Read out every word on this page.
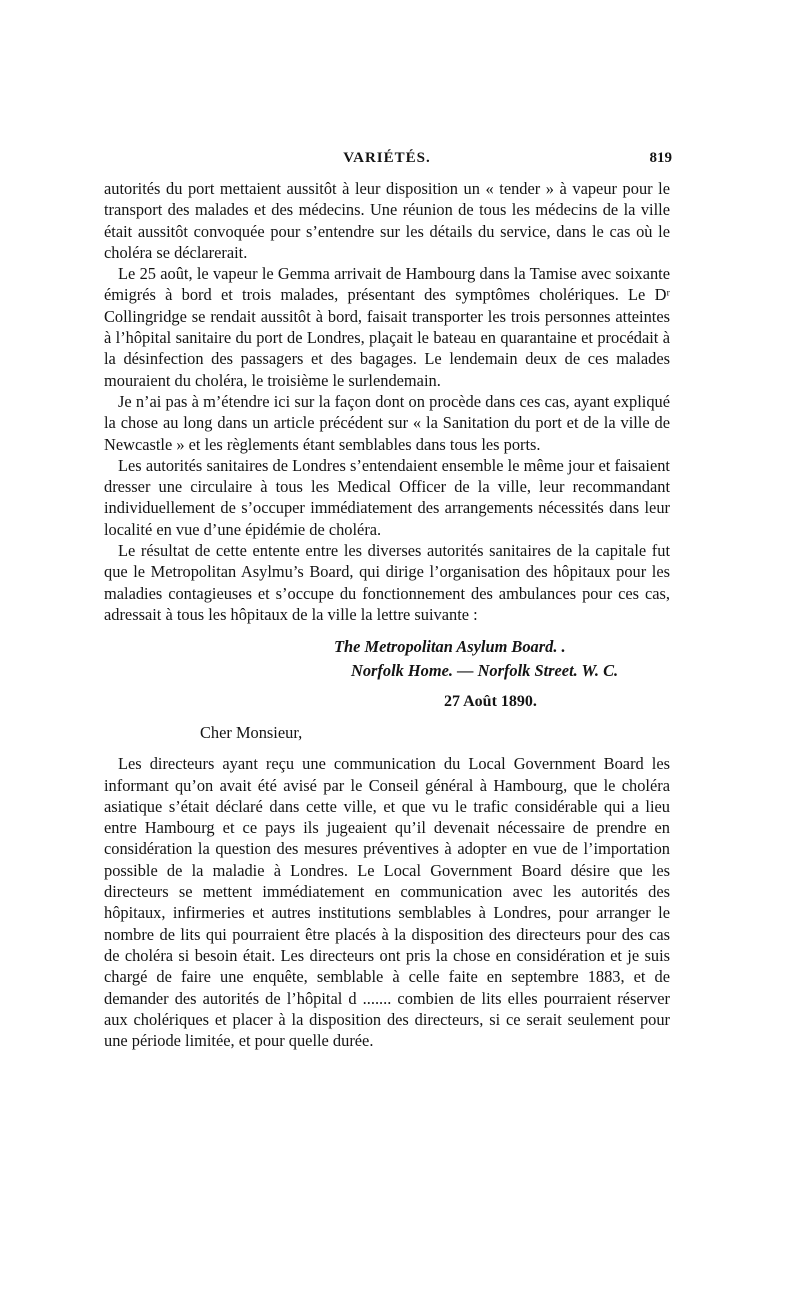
VARIÉTÉS.	819

autorités du port mettaient aussitôt à leur disposition un « tender » à vapeur pour le transport des malades et des médecins. Une réunion de tous les médecins de la ville était aussitôt convoquée pour s’entendre sur les détails du service, dans le cas où le choléra se déclarerait.

Le 25 août, le vapeur le Gemma arrivait de Hambourg dans la Tamise avec soixante émigrés à bord et trois malades, présentant des symptômes cholériques. Le Dʳ Collingridge se rendait aussitôt à bord, faisait transporter les trois personnes atteintes à l’hôpital sanitaire du port de Londres, plaçait le bateau en quarantaine et procédait à la désinfection des passagers et des bagages. Le lendemain deux de ces malades mouraient du choléra, le troisième le surlendemain.

Je n’ai pas à m’étendre ici sur la façon dont on procède dans ces cas, ayant expliqué la chose au long dans un article précédent sur « la Sanitation du port et de la ville de Newcastle » et les règlements étant semblables dans tous les ports.

Les autorités sanitaires de Londres s’entendaient ensemble le même jour et faisaient dresser une circulaire à tous les Medical Officer de la ville, leur recommandant individuellement de s’occuper immédiatement des arrangements nécessités dans leur localité en vue d’une épidémie de choléra.

Le résultat de cette entente entre les diverses autorités sanitaires de la capitale fut que le Metropolitan Asylmu’s Board, qui dirige l’organisation des hôpitaux pour les maladies contagieuses et s’occupe du fonctionnement des ambulances pour ces cas, adressait à tous les hôpitaux de la ville la lettre suivante :

The Metropolitan Asylum Board. .
Norfolk Home. — Norfolk Street. W. C.
27 Août 1890.
Cher Monsieur,

Les directeurs ayant reçu une communication du Local Government Board les informant qu’on avait été avisé par le Conseil général à Hambourg, que le choléra asiatique s’était déclaré dans cette ville, et que vu le trafic considérable qui a lieu entre Hambourg et ce pays ils jugeaient qu’il devenait nécessaire de prendre en considération la question des mesures préventives à adopter en vue de l’importation possible de la maladie à Londres. Le Local Government Board désire que les directeurs se mettent immédiatement en communication avec les autorités des hôpitaux, infirmeries et autres institutions semblables à Londres, pour arranger le nombre de lits qui pourraient être placés à la disposition des directeurs pour des cas de choléra si besoin était. Les directeurs ont pris la chose en considération et je suis chargé de faire une enquête, semblable à celle faite en septembre 1883, et de demander des autorités de l’hôpital d ....... combien de lits elles pourraient réserver aux cholériques et placer à la disposition des directeurs, si ce serait seulement pour une période limitée, et pour quelle durée.
